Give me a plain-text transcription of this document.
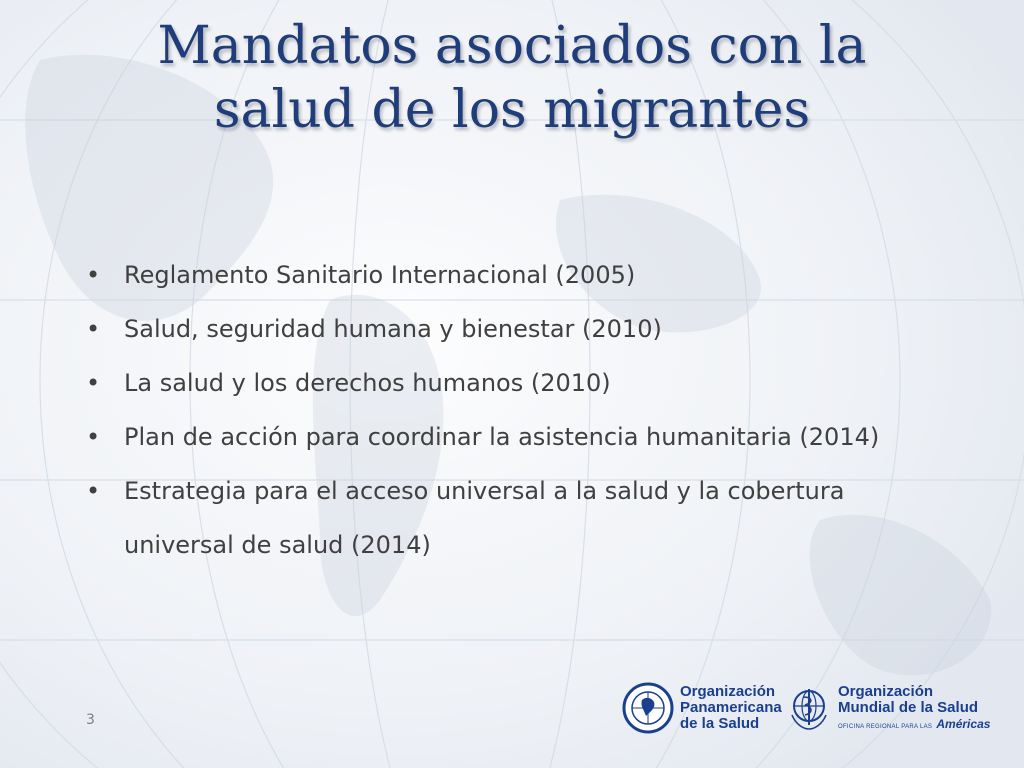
Mandatos asociados con la
salud de los migrantes
• Reglamento Sanitario Internacional (2005)
• Salud, seguridad humana y bienestar (2010)
• La salud y los derechos humanos (2010)
• Plan de acción para coordinar la asistencia humanitaria (2014)
• Estrategia para el acceso universal a la salud y la cobertura universal de salud (2014)
3
Organización
Panamericana
de la Salud
Organización
Mundial de la Salud
OFICINA REGIONAL PARA LAS Américas
